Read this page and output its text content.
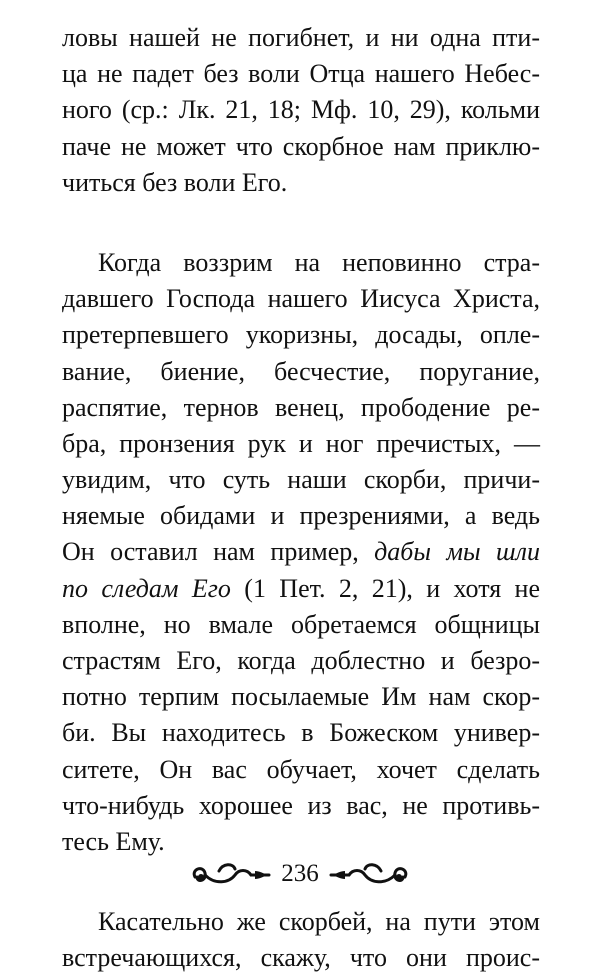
ловы нашей не погибнет, и ни одна пти-
ца не падет без воли Отца нашего Небес-
ного (ср.: Лк. 21, 18; Мф. 10, 29), кольми
паче не может что скорбное нам приклю-
читься без воли Его.
Когда воззрим на неповинно стра-
давшего Господа нашего Иисуса Христа,
претерпевшего укоризны, досады, опле-
вание, биение, бесчестие, поругание,
распятие, тернов венец, прободение ре-
бра, пронзения рук и ног пречистых, —
увидим, что суть наши скорби, причи-
няемые обидами и презрениями, а ведь
Он оставил нам пример, дабы мы шли
по следам Его (1 Пет. 2, 21), и хотя не
вполне, но вмале обретаемся общницы
страстям Его, когда доблестно и безро-
потно терпим посылаемые Им нам скор-
би. Вы находитесь в Божеском универ-
ситете, Он вас обучает, хочет сделать
что-нибудь хорошее из вас, не противь-
тесь Ему.
Касательно же скорбей, на пути этом
встречающихся, скажу, что они проис-
236
